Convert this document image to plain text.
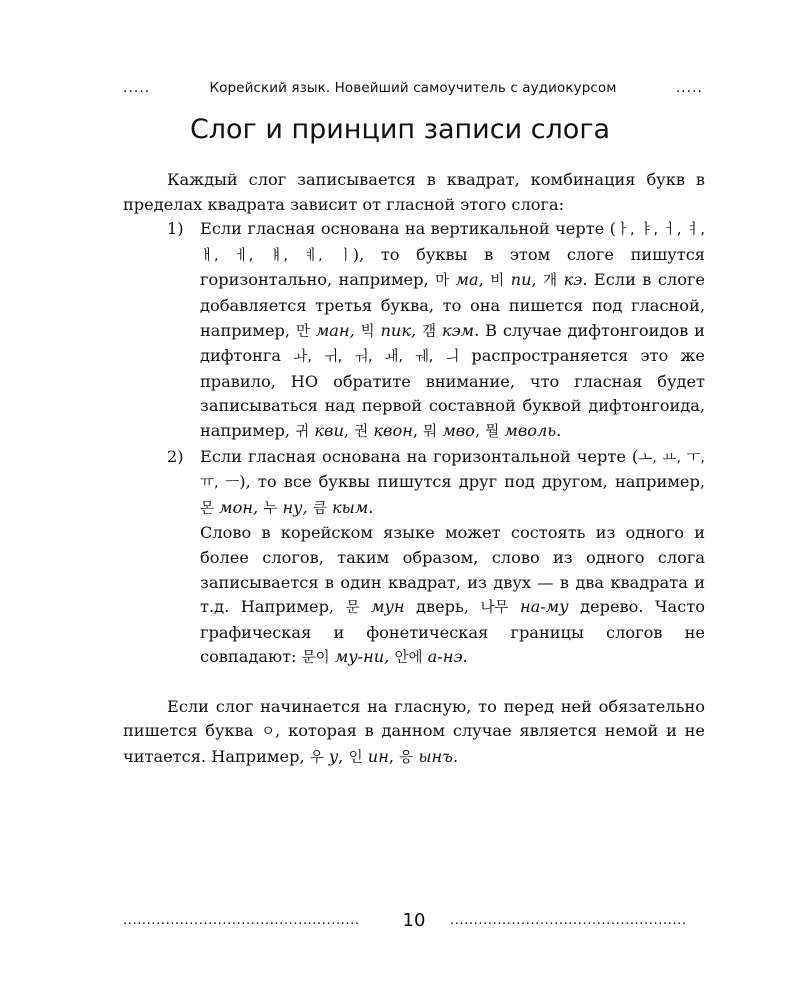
.....	Корейский язык. Новейший самоучитель с аудиокурсом	.....
Слог и принцип записи слога

Каждый слог записывается в квадрат, комбинация букв в пределах квадрата зависит от гласной этого слога:

1) Если гласная основана на вертикальной черте (ㅏ, ㅑ, ㅓ, ㅕ, ㅐ, ㅔ, ㅒ, ㅖ, ㅣ), то буквы в этом слоге пишутся горизонтально, например, 마 ма, 비 пи, 개 кэ. Если в слоге добавляется третья буква, то она пишется под гласной, например, 만 ман, 빅 пик, 갬 кэм. В случае дифтонгоидов и дифтонга ㅘ, ㅟ, ㅝ, ㅙ, ㅞ, ㅢ распространяется это же правило, НО обратите внимание, что гласная будет записываться над первой составной буквой дифтонгоида, например, 귀 кви, 권 квон, 뭐 мво, 뭘 мволь.
2) Если гласная основана на горизонтальной черте (ㅗ, ㅛ, ㅜ, ㅠ, ㅡ), то все буквы пишутся друг под другом, например, 몬 мон, 누 ну, 큼 кым.
Слово в корейском языке может состоять из одного и более слогов, таким образом, слово из одного слога записывается в один квадрат, из двух — в два квадрата и т.д. Например, 문 мун дверь, 나무 на-му дерево. Часто графическая и фонетическая границы слогов не совпадают: 문이 му-ни, 안에 а-нэ.

Если слог начинается на гласную, то перед ней обязательно пишется буква ㅇ, которая в данном случае является немой и не читается. Например, 우 у, 인 ин, 응 ынъ.

..................................................	10 ..................................................
